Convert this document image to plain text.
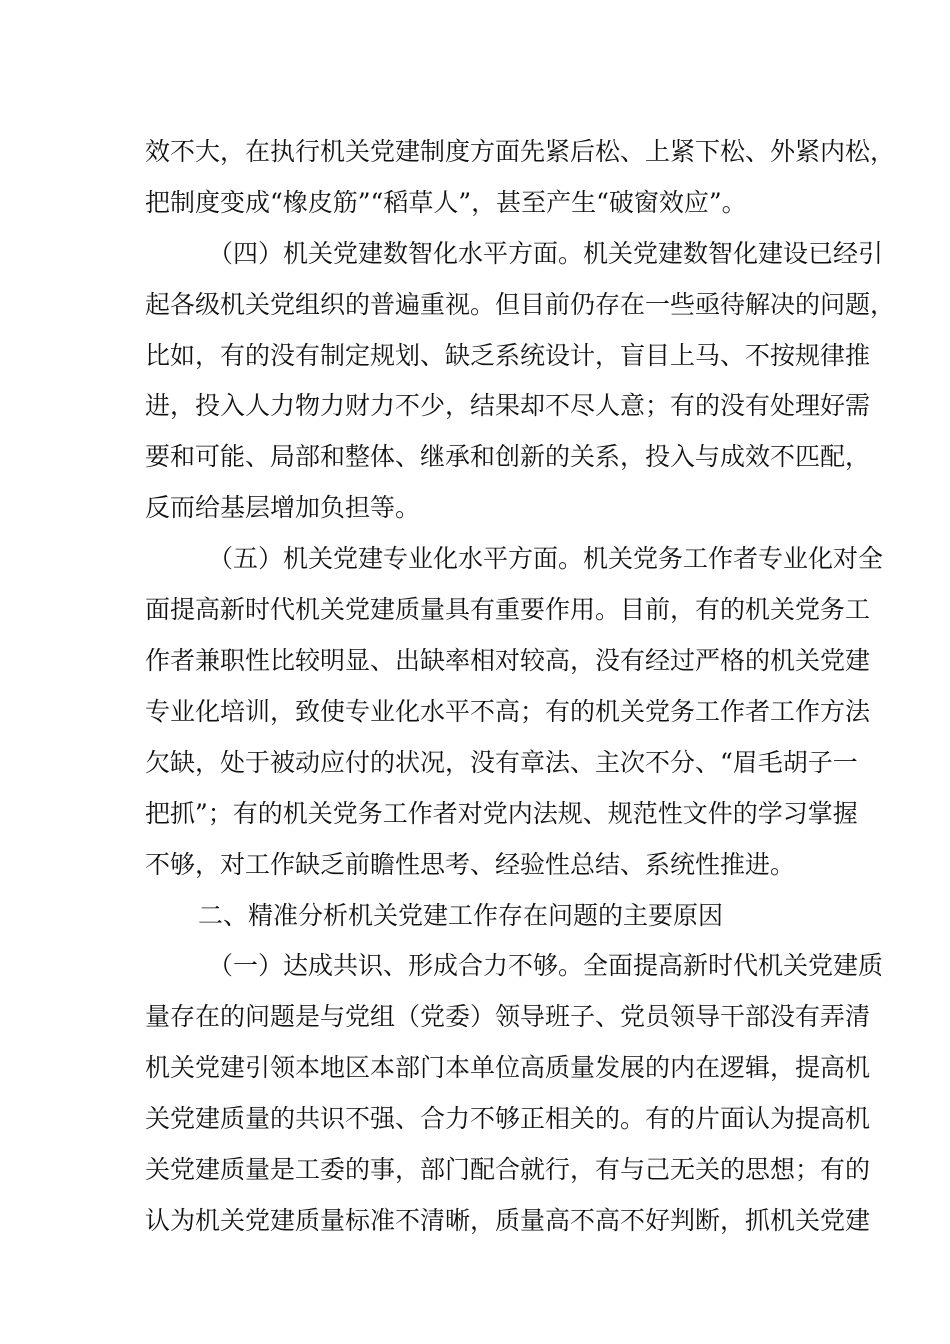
效不大，在执行机关党建制度方面先紧后松、上紧下松、外紧内松，
把制度变成“橡皮筋”“稻草人”，甚至产生“破窗效应”。
（四）机关党建数智化水平方面。机关党建数智化建设已经引
起各级机关党组织的普遍重视。但目前仍存在一些亟待解决的问题，
比如，有的没有制定规划、缺乏系统设计，盲目上马、不按规律推
进，投入人力物力财力不少，结果却不尽人意；有的没有处理好需
要和可能、局部和整体、继承和创新的关系，投入与成效不匹配，
反而给基层增加负担等。
（五）机关党建专业化水平方面。机关党务工作者专业化对全
面提高新时代机关党建质量具有重要作用。目前，有的机关党务工
作者兼职性比较明显、出缺率相对较高，没有经过严格的机关党建
专业化培训，致使专业化水平不高；有的机关党务工作者工作方法
欠缺，处于被动应付的状况，没有章法、主次不分、“眉毛胡子一
把抓”；有的机关党务工作者对党内法规、规范性文件的学习掌握
不够，对工作缺乏前瞻性思考、经验性总结、系统性推进。
二、精准分析机关党建工作存在问题的主要原因
（一）达成共识、形成合力不够。全面提高新时代机关党建质
量存在的问题是与党组（党委）领导班子、党员领导干部没有弄清
机关党建引领本地区本部门本单位高质量发展的内在逻辑，提高机
关党建质量的共识不强、合力不够正相关的。有的片面认为提高机
关党建质量是工委的事，部门配合就行，有与己无关的思想；有的
认为机关党建质量标准不清晰，质量高不高不好判断，抓机关党建
